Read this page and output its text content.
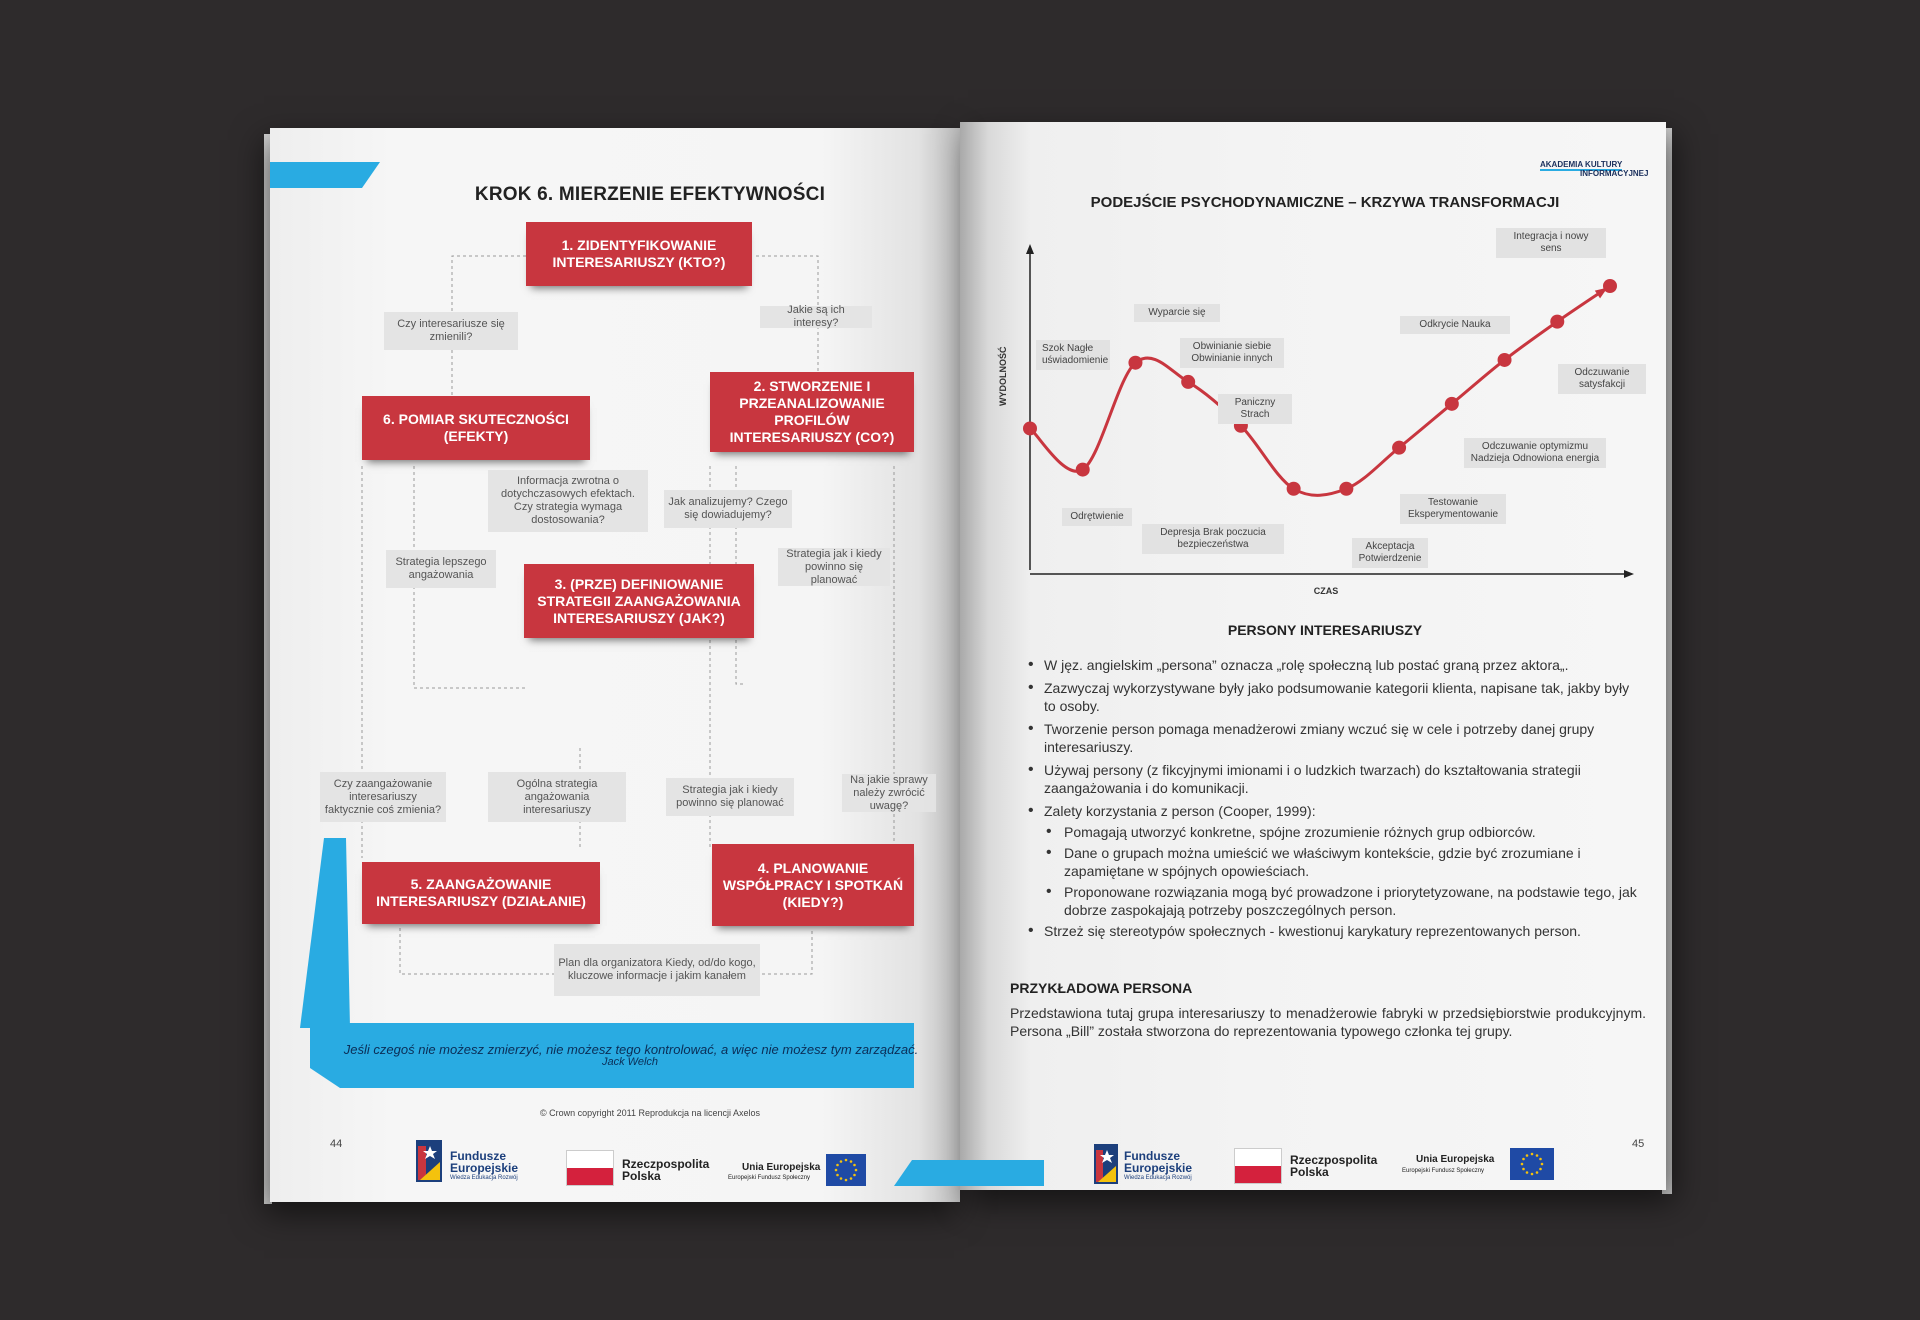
KROK 6. MIERZENIE EFEKTYWNOŚCI
1. ZIDENTYFIKOWANIE INTERESARIUSZY (KTO?)
2. STWORZENIE I PRZEANALIZOWANIE PROFILÓW INTERESARIUSZY (CO?)
3. (PRZE) DEFINIOWANIE STRATEGII ZAANGAŻOWANIA INTERESARIUSZY (JAK?)
4. PLANOWANIE WSPÓŁPRACY I SPOTKAŃ (KIEDY?)
5. ZAANGAŻOWANIE INTERESARIUSZY (DZIAŁANIE)
6. POMIAR SKUTECZNOŚCI (EFEKTY)
Czy interesariusze się zmienili?
Jakie są ich interesy?
Informacja zwrotna o dotychczasowych efektach. Czy strategia wymaga dostosowania?
Jak analizujemy? Czego się dowiadujemy?
Strategia lepszego angażowania
Strategia jak i kiedy powinno się planować
Czy zaangażowanie interesariuszy faktycznie coś zmienia?
Ogólna strategia angażowania interesariuszy
Strategia jak i kiedy powinno się planować
Na jakie sprawy należy zwrócić uwagę?
Plan dla organizatora Kiedy, od/do kogo, kluczowe informacje i jakim kanałem
Jeśli czegoś nie możesz zmierzyć, nie możesz tego kontrolować, a więc nie możesz tym zarządzać.
Jack Welch
© Crown copyright 2011 Reprodukcja na licencji Axelos
44
Fundusze
Europejskie
Wiedza Edukacja Rozwój
Rzeczpospolita
Polska
Unia Europejska
Europejski Fundusz Społeczny
AKADEMIA KULTURY
INFORMACYJNEJ
PODEJŚCIE PSYCHODYNAMICZNE – KRZYWA TRANSFORMACJI
WYDOLNOŚĆ
CZAS
Szok Nagłe uświadomienie
Odrętwienie
Wyparcie się
Obwinianie siebie Obwinianie innych
Paniczny Strach
Depresja Brak poczucia bezpieczeństwa	Akceptacja Potwierdzenie
Testowanie Eksperymentowanie
Odczuwanie optymizmu Nadzieja Odnowiona energia
Odkrycie Nauka
Odczuwanie satysfakcji
Integracja i nowy sens
PERSONY INTERESARIUSZY
• W jęz. angielskim „persona” oznacza „rolę społeczną lub postać graną przez aktora„.
• Zazwyczaj wykorzystywane były jako podsumowanie kategorii klienta, napisane tak, jakby były to osoby.
• Tworzenie person pomaga menadżerowi zmiany wczuć się w cele i potrzeby danej grupy interesariuszy.
• Używaj persony (z fikcyjnymi imionami i o ludzkich twarzach) do kształtowania strategii zaangażowania i do komunikacji.
• Zalety korzystania z person (Cooper, 1999):
• Pomagają utworzyć konkretne, spójne zrozumienie różnych grup odbiorców.
• Dane o grupach można umieścić we właściwym kontekście, gdzie być zrozumiane i zapamiętane w spójnych opowieściach.
• Proponowane rozwiązania mogą być prowadzone i priorytetyzowane, na podstawie tego, jak dobrze zaspokajają potrzeby poszczególnych person.
• Strzeż się stereotypów społecznych - kwestionuj karykatury reprezentowanych person.
PRZYKŁADOWA PERSONA
Przedstawiona tutaj grupa interesariuszy to menadżerowie fabryki w przedsiębiorstwie produkcyjnym. Persona „Bill” została stworzona do reprezentowania typowego członka tej grupy.
45
Fundusze
Europejskie
Wiedza Edukacja Rozwój
Rzeczpospolita
Polska
Unia Europejska
Europejski Fundusz Społeczny
